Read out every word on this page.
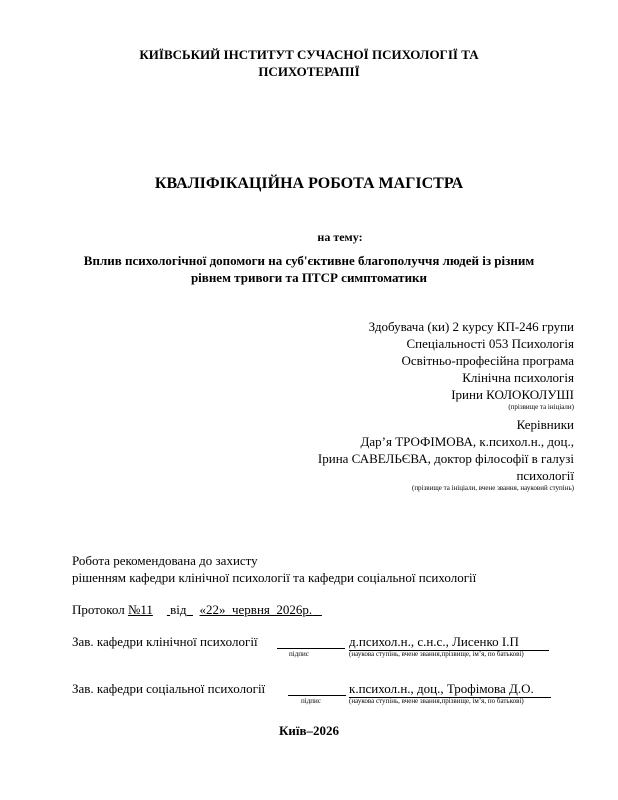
КИЇВСЬКИЙ ІНСТИТУТ СУЧАСНОЇ ПСИХОЛОГІЇ ТА
ПСИХОТЕРАПІЇ
КВАЛІФІКАЦІЙНА РОБОТА МАГІСТРА
на тему:
Вплив психологічної допомоги на суб'єктивне благополуччя людей із різним
рівнем тривоги та ПТСР симптоматики
Здобувача (ки) 2 курсу КП-246 групи
Спеціальності 053 Психологія
Освітньо-професійна програма
Клінічна психологія
Ірини КОЛОКОЛУШІ
(прізвище та ініціали)
Керівники
Дар’я ТРОФІМОВА, к.психол.н., доц.,
Ірина САВЕЛЬЄВА, доктор філософії в галузі
психології
(прізвище та ініціали, вчене звання, науковий ступінь)
Робота рекомендована до захисту
рішенням кафедри клінічної психології та кафедри соціальної психології
Протокол №11 від «22»  червня  2026р.
Зав. кафедри клінічної психології	д.психол.н., с.н.с., Лисенко І.П
підпис	(наукова ступінь, вчене звання,прізвище, ім’я, по батькові)
Зав. кафедри соціальної психології	к.психол.н., доц., Трофімова Д.О.
підпис	(наукова ступінь, вчене звання,прізвище, ім’я, по батькові)
Київ–2026
